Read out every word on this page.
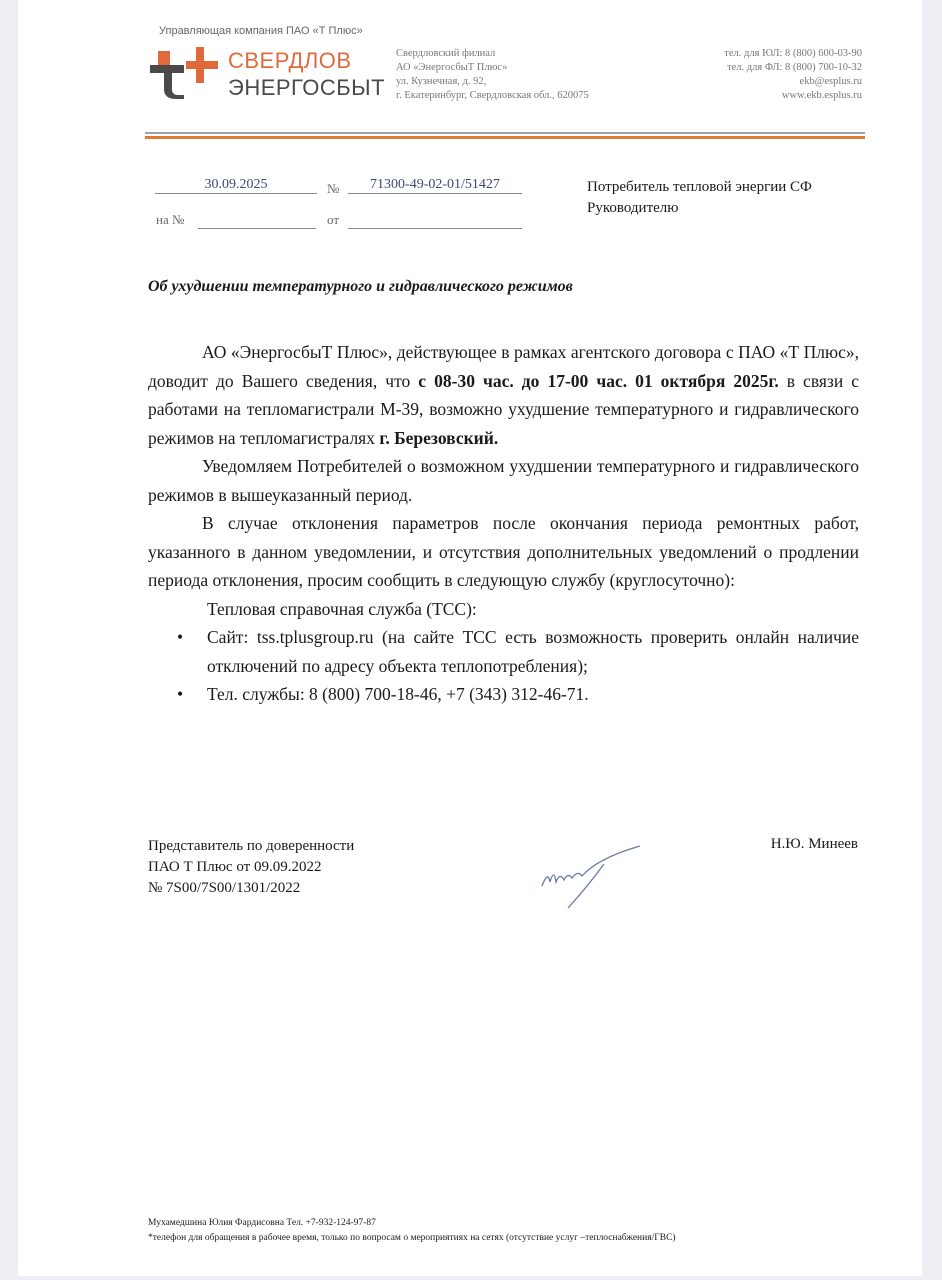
Управляющая компания ПАО «Т Плюс»
СВЕРДЛОВ
ЭНЕРГОСБЫТ
Свердловский филиал
АО «ЭнергосбыТ Плюс»
ул. Кузнечная, д. 92,
г. Екатеринбург, Свердловская обл., 620075
тел. для ЮЛ: 8 (800) 600-03-90
тел. для ФЛ: 8 (800) 700-10-32
ekb@esplus.ru
www.ekb.esplus.ru
30.09.2025	№	71300-49-02-01/51427
на №	от
Потребитель тепловой энергии СФ
Руководителю
Об ухудшении температурного и гидравлического режимов

АО «ЭнергосбыТ Плюс», действующее в рамках агентского договора с ПАО «Т Плюс», доводит до Вашего сведения, что с 08-30 час. до 17-00 час. 01 октября 2025г. в связи с работами на тепломагистрали М-39, возможно ухудшение температурного и гидравлического режимов на тепломагистралях г. Березовский.

Уведомляем Потребителей о возможном ухудшении температурного и гидравлического режимов в вышеуказанный период.

В случае отклонения параметров после окончания периода ремонтных работ, указанного в данном уведомлении, и отсутствия дополнительных уведомлений о продлении периода отклонения, просим сообщить в следующую службу (круглосуточно):

Тепловая справочная служба (ТСС):

• Сайт: tss.tplusgroup.ru (на сайте ТСС есть возможность проверить онлайн наличие отключений по адресу объекта теплопотребления);
• Тел. службы: 8 (800) 700-18-46, +7 (343) 312-46-71.
Представитель по доверенности
ПАО Т Плюс от 09.09.2022
№ 7S00/7S00/1301/2022
Н.Ю. Минеев
Мухамедшина Юлия Фардисовна Тел. +7-932-124-97-87
*телефон для обращения в рабочее время, только по вопросам о мероприятиях на сетях (отсутствие услуг –теплоснабжения/ГВС)
